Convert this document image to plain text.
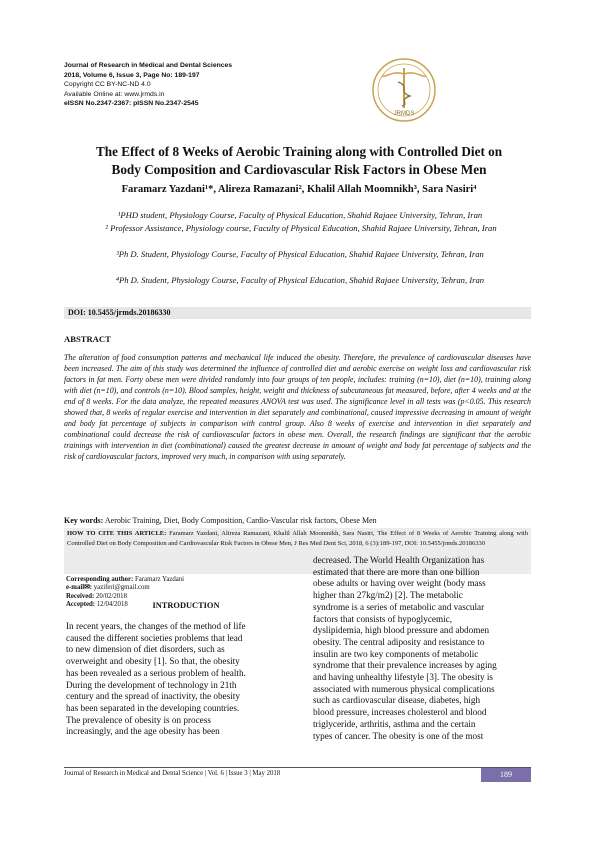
Journal of Research in Medical and Dental Sciences
2018, Volume 6, Issue 3, Page No: 189-197
Copyright CC BY-NC-ND 4.0
Available Online at: www.jrmds.in
eISSN No.2347-2367: pISSN No.2347-2545
JRMDS
The Effect of 8 Weeks of Aerobic Training along with Controlled Diet on
Body Composition and Cardiovascular Risk Factors in Obese Men
Faramarz Yazdani¹*, Alireza Ramazani², Khalil Allah Moomnikh³, Sara Nasiri⁴
¹PHD student, Physiology Course, Faculty of Physical Education, Shahid Rajaee University, Tehran, Iran
² Professor Assistance, Physiology course, Faculty of Physical Education, Shahid Rajaee University, Tehran, Iran
³Ph D. Student, Physiology Course, Faculty of Physical Education, Shahid Rajaee University, Tehran, Iran
⁴Ph D. Student, Physiology Course, Faculty of Physical Education, Shahid Rajaee University, Tehran, Iran
DOI: 10.5455/jrmds.20186330
ABSTRACT
The alteration of food consumption patterns and mechanical life induced the obesity. Therefore, the prevalence of cardiovascular diseases have been increased. The aim of this study was determined the influence of controlled diet and aerobic exercise on weight loss and cardiovascular risk factors in fat men. Forty obese men were divided randomly into four groups of ten people, includes: training (n=10), diet (n=10), training along with diet (n=10), and controls (n=10). Blood samples, height, weight and thickness of subcutaneous fat measured, before, after 4 weeks and at the end of 8 weeks. For the data analyze, the repeated measures ANOVA test was used. The significance level in all tests was (p<0.05. This research showed that, 8 weeks of regular exercise and intervention in diet separately and combinational, caused impressive decreasing in amount of weight and body fat percentage of subjects in comparison with control group. Also 8 weeks of exercise and intervention in diet separately and combinational could decrease the risk of cardiovascular factors in obese men. Overall, the research findings are significant that the aerobic trainings with intervention in diet (combinational) caused the greatest decrease in amount of weight and body fat percentage of subjects and the risk of cardiovascular factors, improved very much, in comparison with using separately.
Key words: Aerobic Training, Diet, Body Composition, Cardio-Vascular risk factors, Obese Men
HOW TO CITE THIS ARTICLE: Faramarz Yazdani, Alireza Ramazani, Khalil Allah Moomnikh, Sara Nasiri, The Effect of 8 Weeks of Aerobic Training along with Controlled Diet on Body Composition and Cardiovascular Risk Factors in Obese Men, J Res Med Dent Sci, 2018, 6 (3):189-197, DOI: 10.5455/jrmds.20186330
Corresponding author: Faramarz Yazdani
e-mail✉: yaziferi@gmail.com
Received: 20/02/2018
Accepted: 12/04/2018	INTRODUCTION
In recent years, the changes of the method of life
caused the different societies problems that lead
to new dimension of diet disorders, such as
overweight and obesity [1]. So that, the obesity
has been revealed as a serious problem of health.
During the development of technology in 21th
century and the spread of inactivity, the obesity
has been separated in the developing countries.
The prevalence of obesity is on process
increasingly, and the age obesity has been
decreased. The World Health Organization has
estimated that there are more than one billion
obese adults or having over weight (body mass
higher than 27kg/m2) [2]. The metabolic
syndrome is a series of metabolic and vascular
factors that consists of hypoglycemic,
dyslipidemia, high blood pressure and abdomen
obesity. The central adiposity and resistance to
insulin are two key components of metabolic
syndrome that their prevalence increases by aging
and having unhealthy lifestyle [3]. The obesity is
associated with numerous physical complications
such as cardiovascular disease, diabetes, high
blood pressure, increases cholesterol and blood
triglyceride, arthritis, asthma and the certain
types of cancer. The obesity is one of the most
Journal of Research in Medical and Dental Science | Vol. 6 | Issue 3 | May 2018	189
